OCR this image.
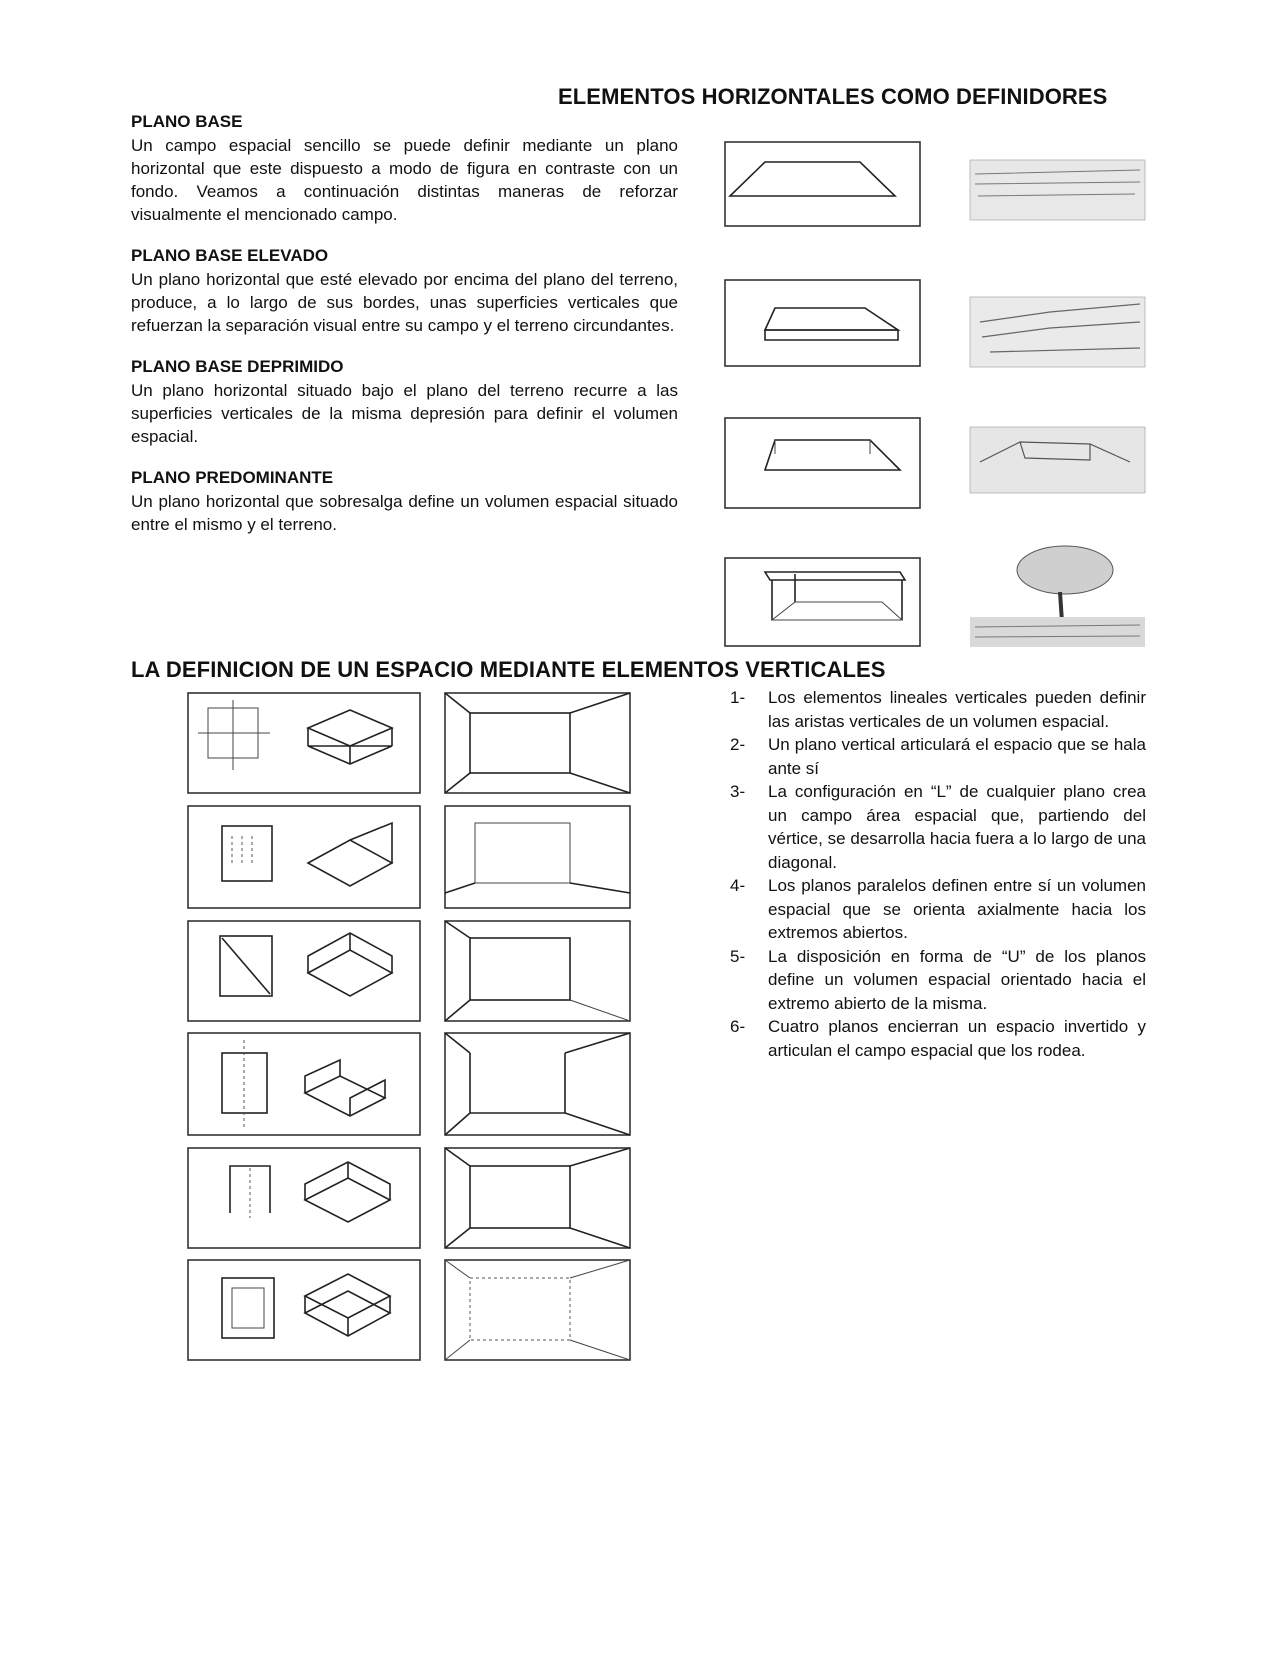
ELEMENTOS HORIZONTALES COMO DEFINIDORES
PLANO BASE

Un campo espacial sencillo se puede definir mediante un plano horizontal que este dispuesto a modo de figura en contraste con un fondo. Veamos a continuación distintas maneras de reforzar visualmente el mencionado campo.

PLANO BASE ELEVADO

Un plano horizontal que esté elevado por encima del plano del terreno, produce, a lo largo de sus bordes, unas superficies verticales que refuerzan la separación visual entre su campo y el terreno circundantes.

PLANO BASE DEPRIMIDO

Un plano horizontal situado bajo el plano del terreno recurre a las superficies verticales de la misma depresión para definir el volumen espacial.

PLANO PREDOMINANTE

Un plano horizontal que sobresalga define un volumen espacial situado entre el mismo y el terreno.

LA DEFINICION DE UN ESPACIO MEDIANTE ELEMENTOS VERTICALES
1- Los elementos lineales verticales pueden definir las aristas verticales de un volumen espacial.
2- Un plano vertical articulará el espacio que se hala ante sí
3- La configuración en “L” de cualquier plano crea un campo área espacial que, partiendo del vértice, se desarrolla hacia fuera a lo largo de una diagonal.
4- Los planos paralelos definen entre sí un volumen espacial que se orienta axialmente hacia los extremos abiertos.
5- La disposición en forma de “U” de los planos define un volumen espacial orientado hacia el extremo abierto de la misma.
6- Cuatro planos encierran un espacio invertido y articulan el campo espacial que los rodea.
